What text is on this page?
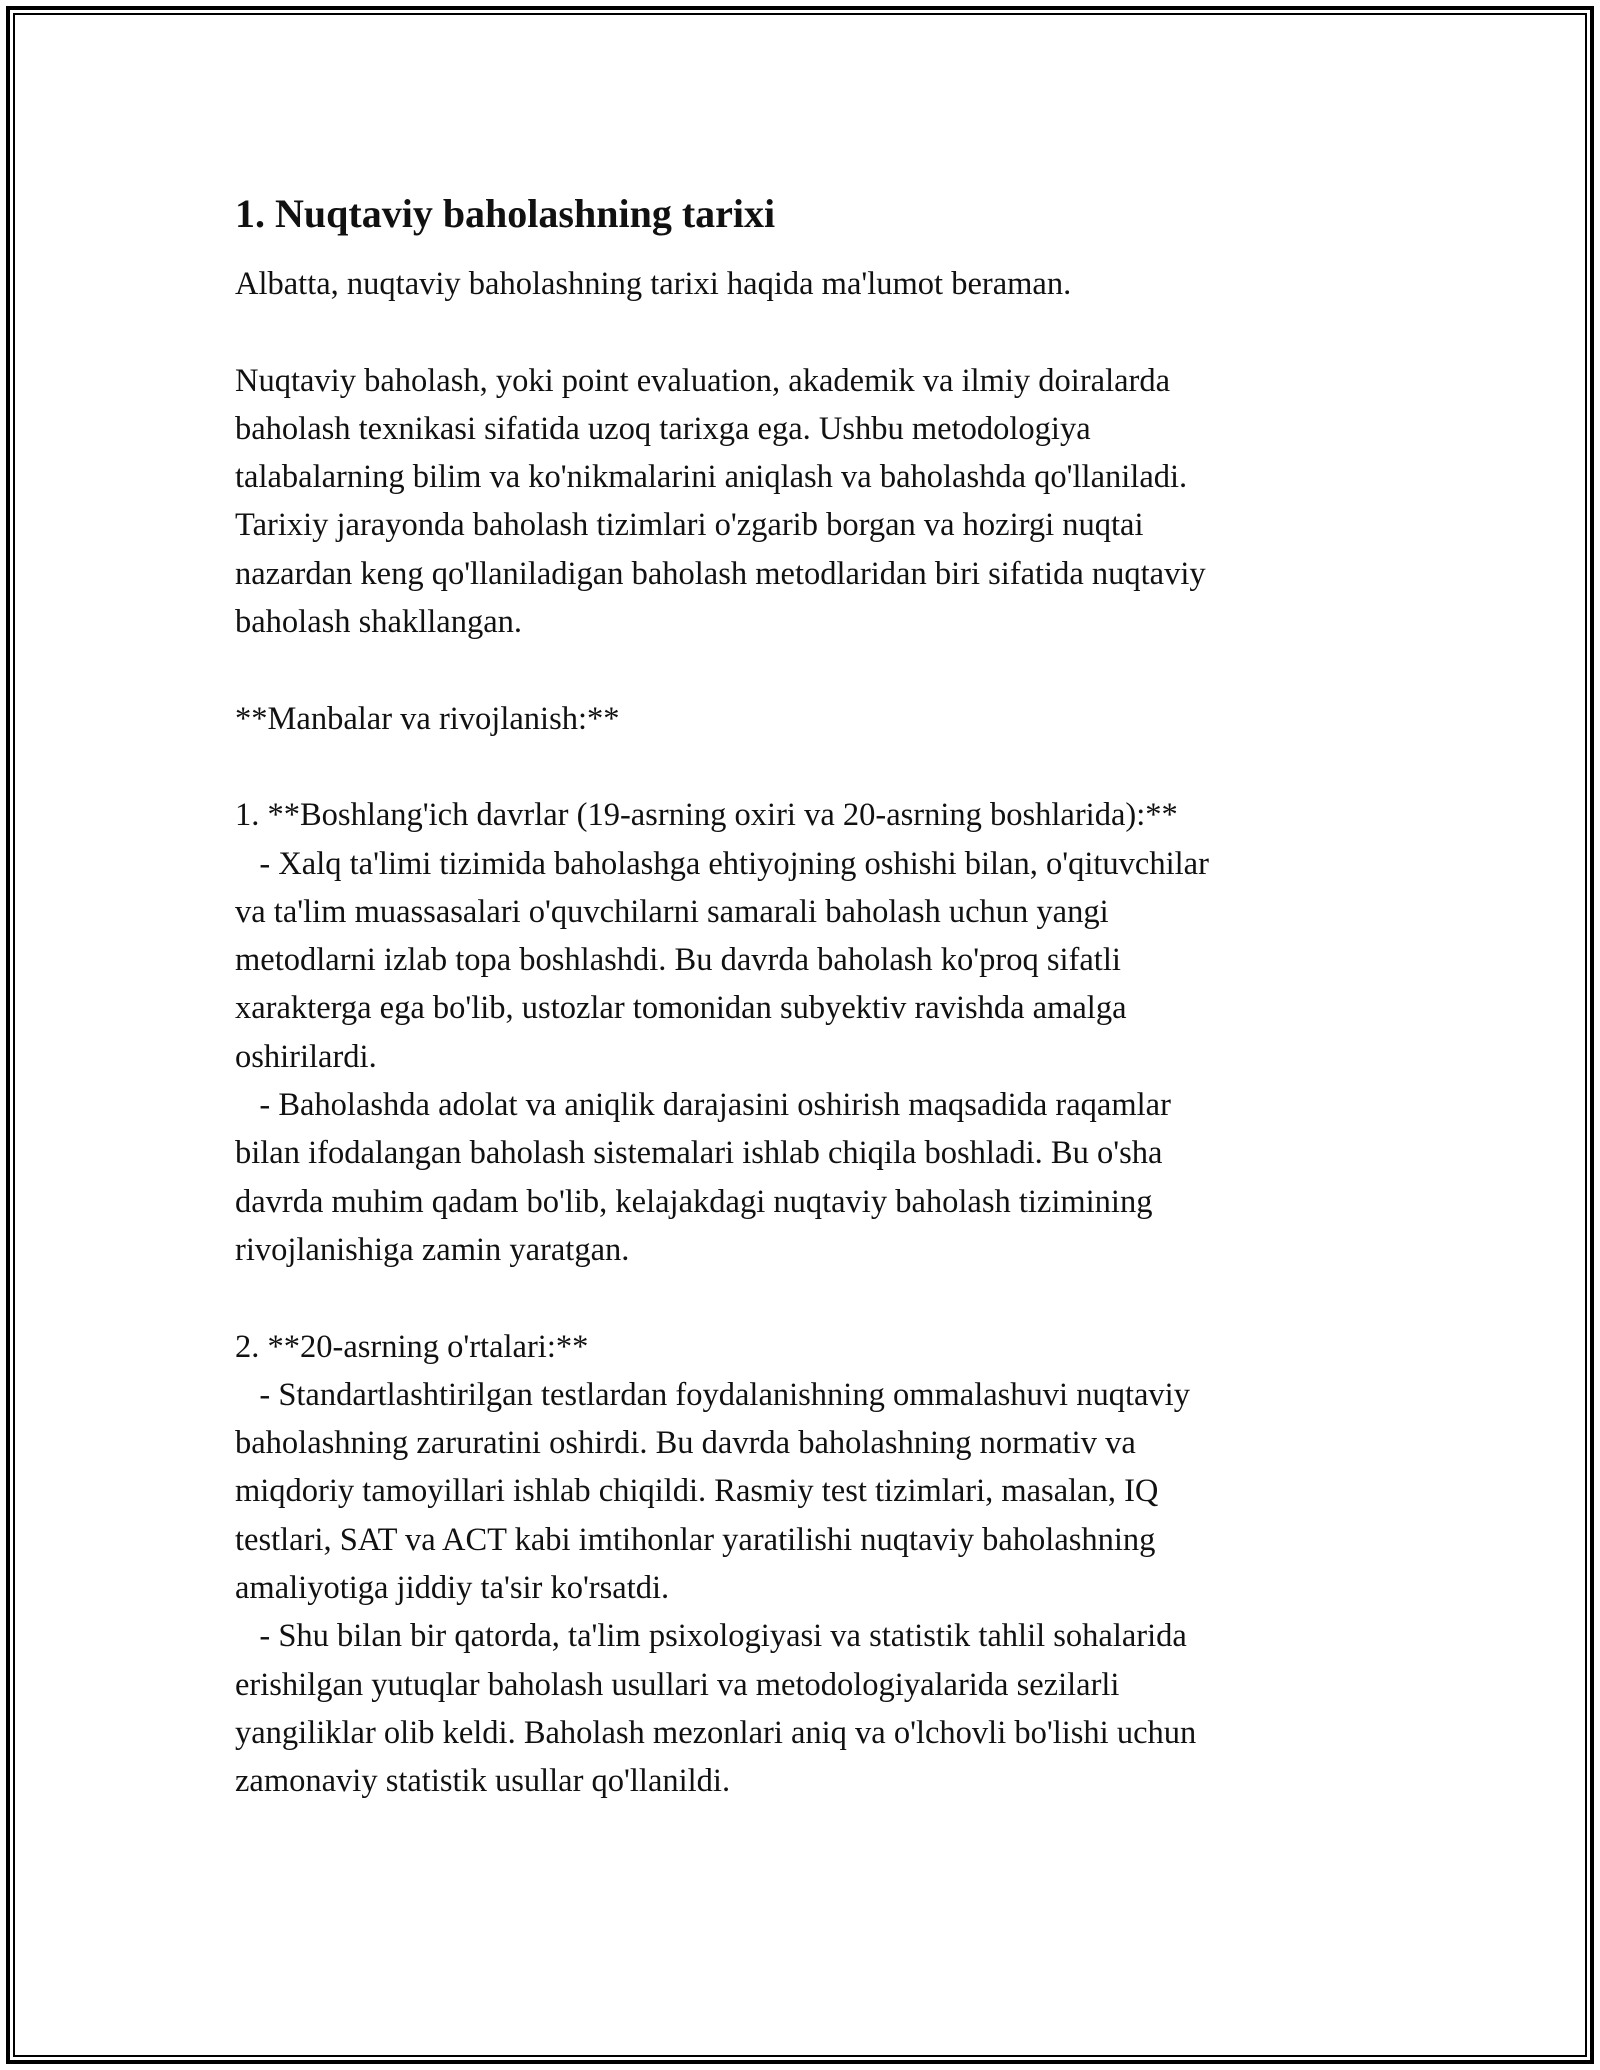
1. Nuqtaviy baholashning tarixi

Albatta, nuqtaviy baholashning tarixi haqida ma'lumot beraman.

Nuqtaviy baholash, yoki point evaluation, akademik va ilmiy doiralarda
baholash texnikasi sifatida uzoq tarixga ega. Ushbu metodologiya
talabalarning bilim va ko'nikmalarini aniqlash va baholashda qo'llaniladi.
Tarixiy jarayonda baholash tizimlari o'zgarib borgan va hozirgi nuqtai
nazardan keng qo'llaniladigan baholash metodlaridan biri sifatida nuqtaviy
baholash shakllangan.

**Manbalar va rivojlanish:**

1. **Boshlang'ich davrlar (19-asrning oxiri va 20-asrning boshlarida):**
- Xalq ta'limi tizimida baholashga ehtiyojning oshishi bilan, o'qituvchilar
va ta'lim muassasalari o'quvchilarni samarali baholash uchun yangi
metodlarni izlab topa boshlashdi. Bu davrda baholash ko'proq sifatli
xarakterga ega bo'lib, ustozlar tomonidan subyektiv ravishda amalga
oshirilardi.
- Baholashda adolat va aniqlik darajasini oshirish maqsadida raqamlar
bilan ifodalangan baholash sistemalari ishlab chiqila boshladi. Bu o'sha
davrda muhim qadam bo'lib, kelajakdagi nuqtaviy baholash tizimining
rivojlanishiga zamin yaratgan.

2. **20-asrning o'rtalari:**
- Standartlashtirilgan testlardan foydalanishning ommalashuvi nuqtaviy
baholashning zaruratini oshirdi. Bu davrda baholashning normativ va
miqdoriy tamoyillari ishlab chiqildi. Rasmiy test tizimlari, masalan, IQ
testlari, SAT va ACT kabi imtihonlar yaratilishi nuqtaviy baholashning
amaliyotiga jiddiy ta'sir ko'rsatdi.
- Shu bilan bir qatorda, ta'lim psixologiyasi va statistik tahlil sohalarida
erishilgan yutuqlar baholash usullari va metodologiyalarida sezilarli
yangiliklar olib keldi. Baholash mezonlari aniq va o'lchovli bo'lishi uchun
zamonaviy statistik usullar qo'llanildi.
